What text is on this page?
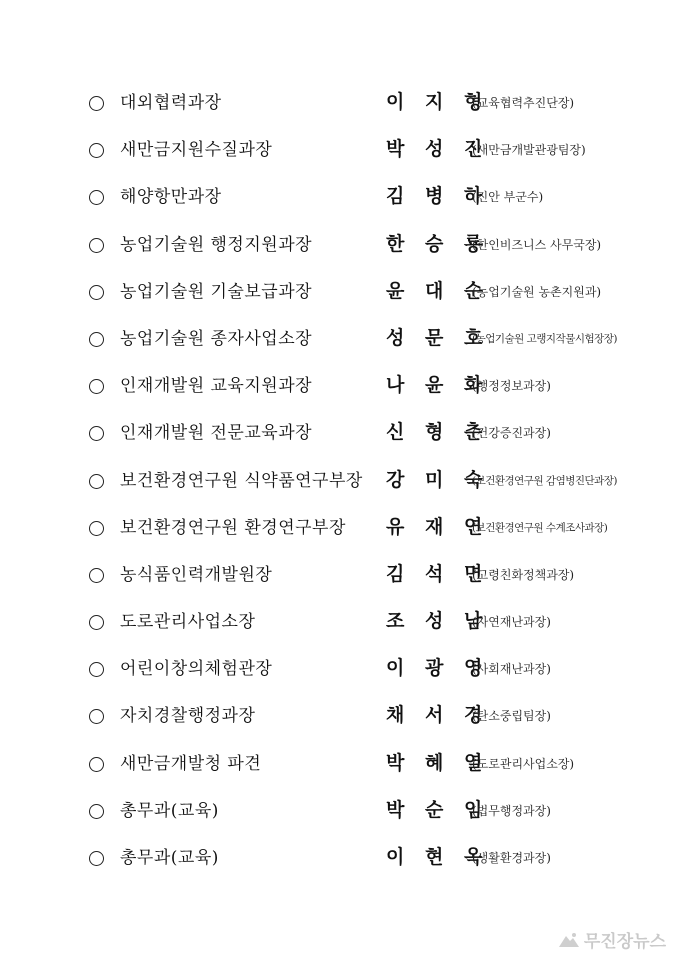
대외협력과장	이 지 형
(교육협력추진단장)
새만금지원수질과장	박 성 진
(새만금개발관광팀장)
해양항만과장	김 병 하
(진안 부군수)
농업기술원 행정지원과장	한 승 룡
(한인비즈니스 사무국장)
농업기술원 기술보급과장	윤 대 순
(농업기술원 농촌지원과)
농업기술원 종자사업소장	성 문 호
(농업기술원 고랭지작물시험장장)
인재개발원 교육지원과장	나 윤 화
(행정정보과장)
인재개발원 전문교육과장	신 형 춘
(건강증진과장)
보건환경연구원 식약품연구부장 강 미 숙
(보건환경연구원 감염병진단과장)
보건환경연구원 환경연구부장 유 재 연
(보건환경연구원 수계조사과장)
농식품인력개발원장	김 석 면
(고령친화정책과장)
도로관리사업소장	조 성 남
(자연재난과장)
어린이창의체험관장	이 광 영
(사회재난과장)
자치경찰행정과장	채 서 경
(탄소중립팀장)
새만금개발청 파견	박 혜 열
(도로관리사업소장)
총무과(교육)	박 순 임
(법무행정과장)
총무과(교육)	이 현 옥
(생활환경과장)
무진장뉴스
